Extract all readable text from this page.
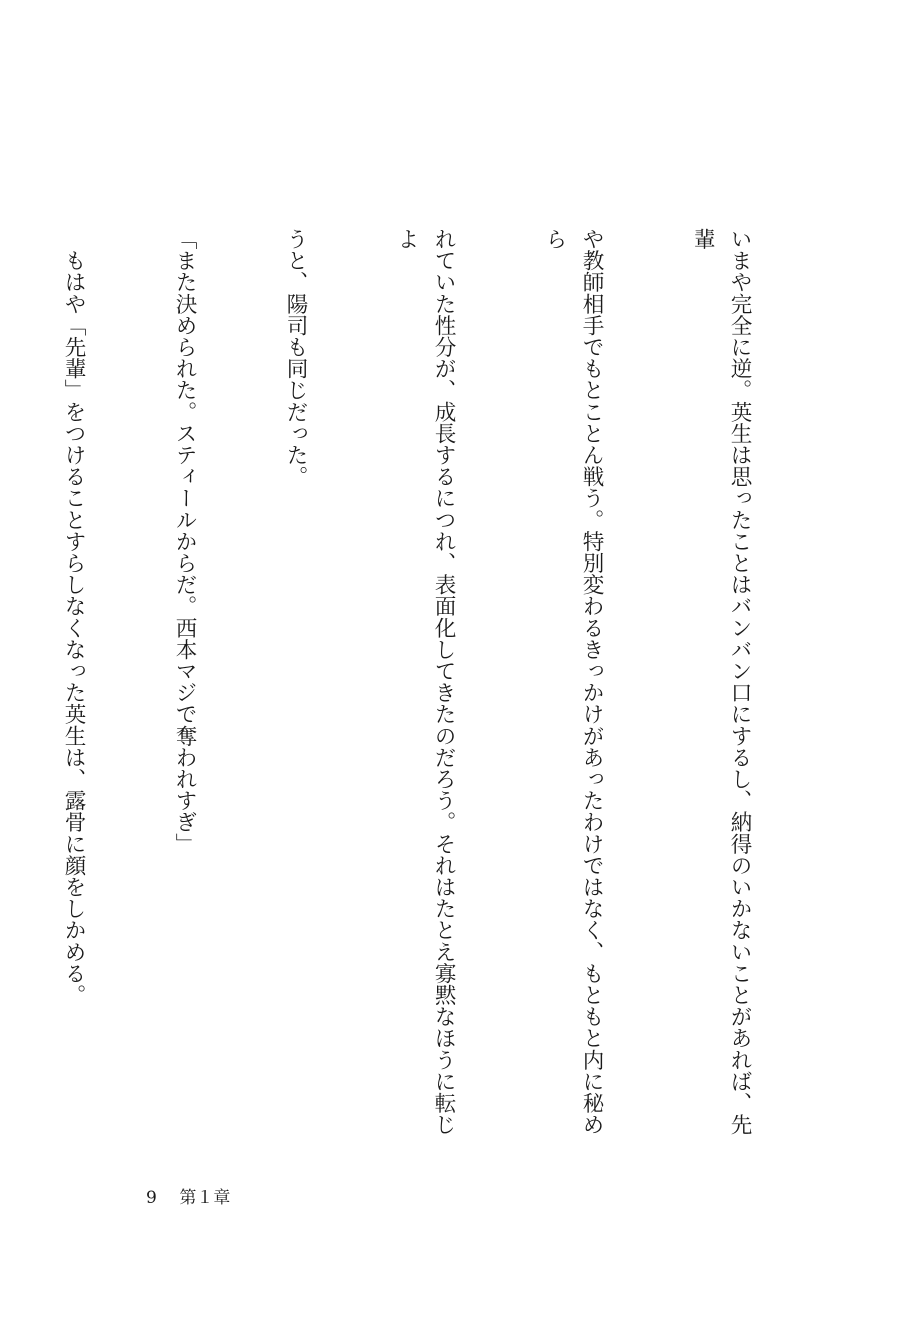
いまや完全に逆。英生は思ったことはバンバン口にするし、納得のいかないことがあれば、先輩

や教師相手でもとことん戦う。特別変わるきっかけがあったわけではなく、もともと内に秘めら

れていた性分が、成長するにつれ、表面化してきたのだろう。それはたとえ寡黙なほうに転じよ

うと、陽司も同じだった。

「また決められた。スティールからだ。西本マジで奪われすぎ」

　もはや「先輩」をつけることすらしなくなった英生は、露骨に顔をしかめる。

9 第１章
